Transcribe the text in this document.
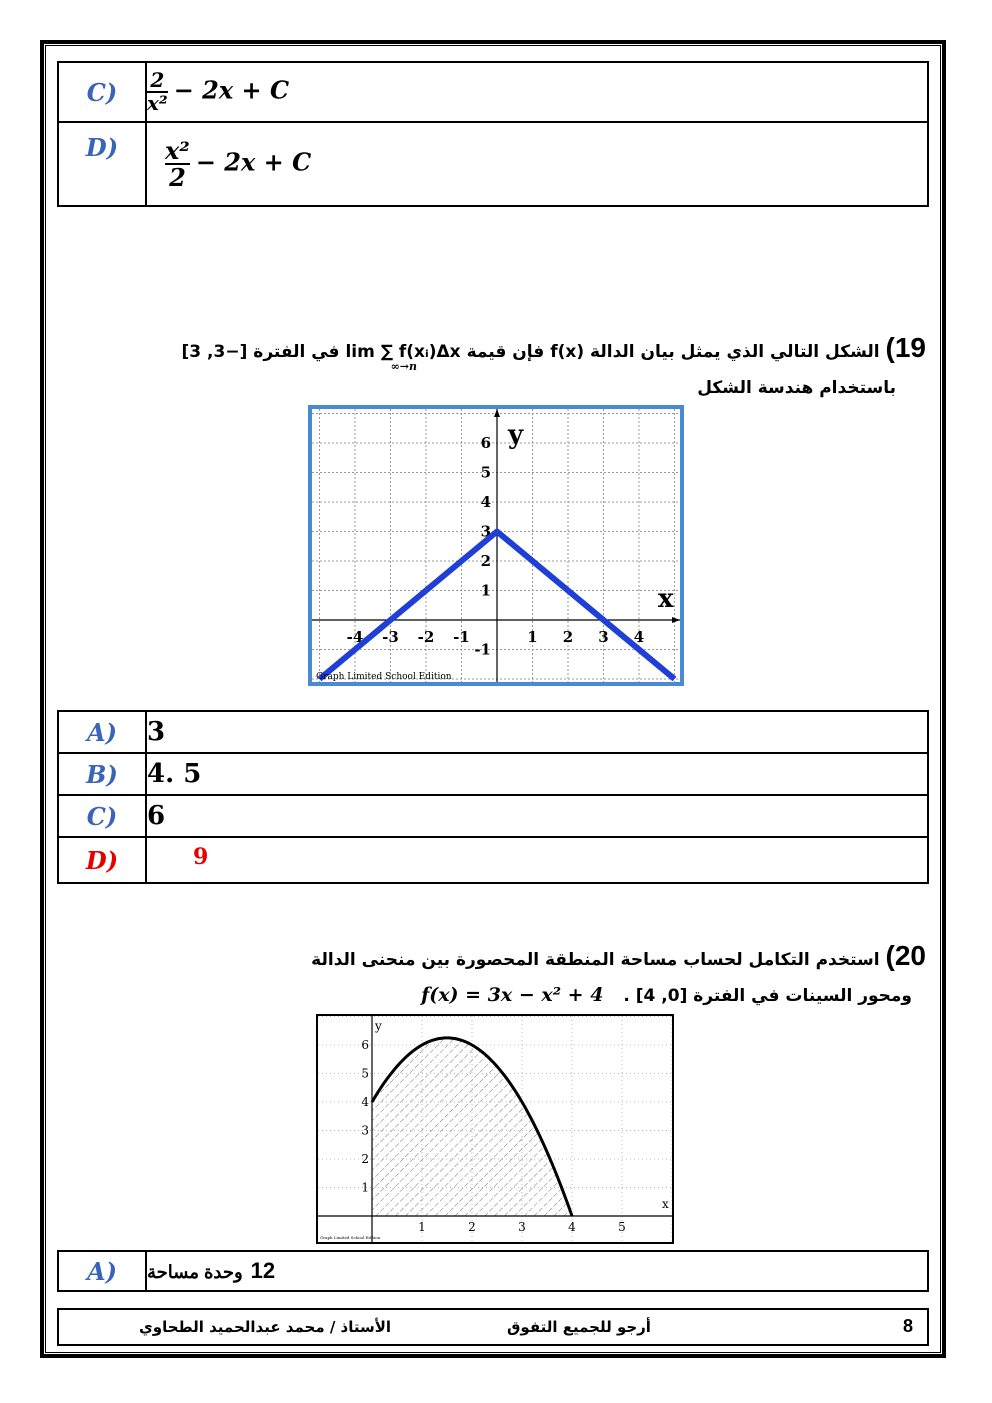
C)	$\frac{2}{\text{x²}} - 2x + C$
D)	$\frac{\text{x²}}{2} - 2x + C$
19) الشكل التالي الذي يمثل بيان الدالة f(x) فإن قيمة lim ∑ f(xᵢ)Δx في الفترة [−3, 3]
n→∞
باستخدام هندسة الشكل
6
5
4
3
2
1
-1
-4 -3 -2 -1	1 2 3 4
y
x
Graph Limited School Edition
A)	3
B)	4. 5
C)	6
D)	9
20) استخدم التكامل لحساب مساحة المنطقة المحصورة بين منحنى الدالة
ومحور السينات في الفترة [0, 4] . f(x) = 3x − x² + 4
6
5
4
3
2
1
1	2	3	4	5
y
x
Graph Limited School Edition
A)	وحدة مساحة 12
الأستاذ / محمد عبدالحميد الطحاوي	أرجو للجميع التفوق	8
